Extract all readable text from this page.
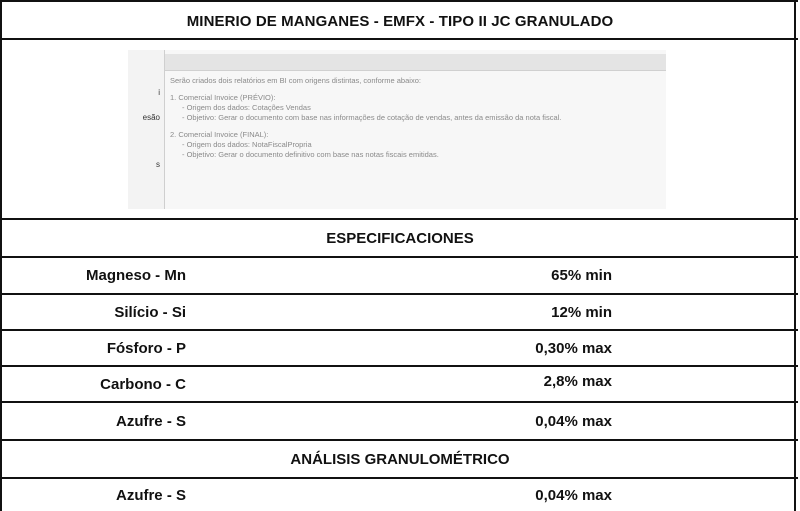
MINERIO DE MANGANES - EMFX - TIPO II JC GRANULADO
i
esão
s
Serão criados dois relatórios em BI com origens distintas, conforme abaixo:
1. Comercial Invoice (PRÉVIO):
- Origem dos dados: Cotações Vendas
- Objetivo: Gerar o documento com base nas informações de cotação de vendas, antes da emissão da nota fiscal.
2. Comercial Invoice (FINAL):
- Origem dos dados: NotaFiscalPropria
- Objetivo: Gerar o documento definitivo com base nas notas fiscais emitidas.
ESPECIFICACIONES
Magneso - Mn	65% min
Silício - Si	12% min
Fósforo - P	0,30% max
Carbono - C	2,8% max
Azufre - S	0,04% max
ANÁLISIS GRANULOMÉTRICO
Azufre - S	0,04% max
